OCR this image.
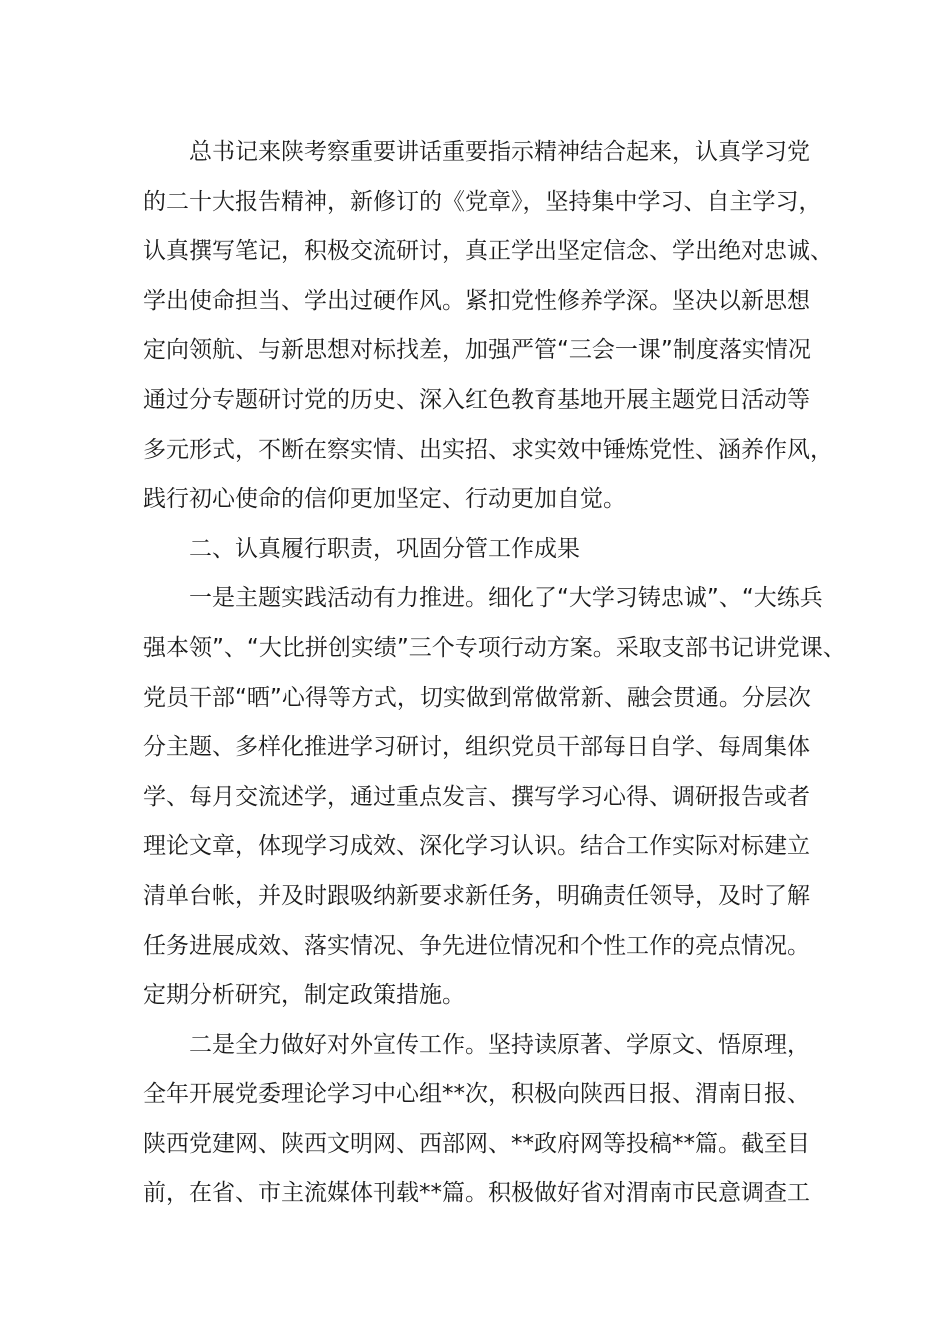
总书记来陕考察重要讲话重要指示精神结合起来，认真学习党
的二十大报告精神，新修订的《党章》，坚持集中学习、自主学习，
认真撰写笔记，积极交流研讨，真正学出坚定信念、学出绝对忠诚、
学出使命担当、学出过硬作风。紧扣党性修养学深。坚决以新思想
定向领航、与新思想对标找差，加强严管“三会一课”制度落实情况
通过分专题研讨党的历史、深入红色教育基地开展主题党日活动等
多元形式，不断在察实情、出实招、求实效中锤炼党性、涵养作风，
践行初心使命的信仰更加坚定、行动更加自觉。
二、认真履行职责，巩固分管工作成果
一是主题实践活动有力推进。细化了“大学习铸忠诚”、“大练兵
强本领”、“大比拼创实绩”三个专项行动方案。采取支部书记讲党课、
党员干部“晒”心得等方式，切实做到常做常新、融会贯通。分层次
分主题、多样化推进学习研讨，组织党员干部每日自学、每周集体
学、每月交流述学，通过重点发言、撰写学习心得、调研报告或者
理论文章，体现学习成效、深化学习认识。结合工作实际对标建立
清单台帐，并及时跟吸纳新要求新任务，明确责任领导，及时了解
任务进展成效、落实情况、争先进位情况和个性工作的亮点情况。
定期分析研究，制定政策措施。
二是全力做好对外宣传工作。坚持读原著、学原文、悟原理，
全年开展党委理论学习中心组**次，积极向陕西日报、渭南日报、
陕西党建网、陕西文明网、西部网、**政府网等投稿**篇。截至目
前，在省、市主流媒体刊载**篇。积极做好省对渭南市民意调查工
